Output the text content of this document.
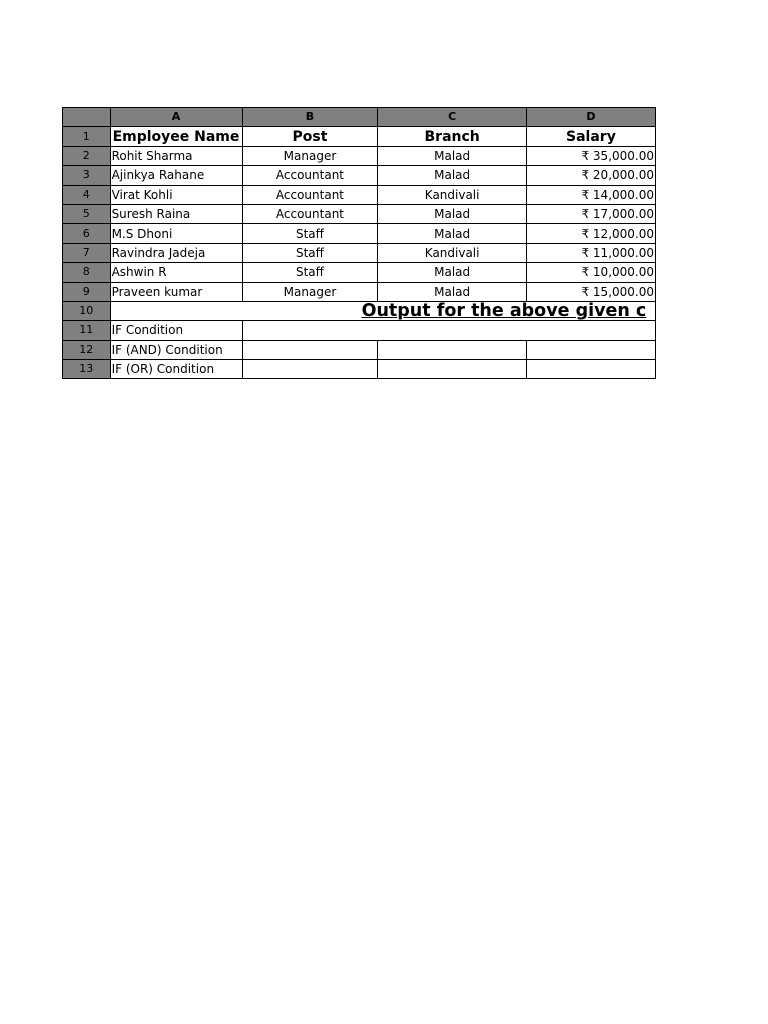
	A	B	C	D
1	Employee Name	Post	Branch	Salary
2	Rohit Sharma	Manager	Malad	₹ 35,000.00
3	Ajinkya Rahane	Accountant	Malad	₹ 20,000.00
4	Virat Kohli	Accountant	Kandivali	₹ 14,000.00
5	Suresh Raina	Accountant	Malad	₹ 17,000.00
6	M.S Dhoni	Staff	Malad	₹ 12,000.00
7	Ravindra Jadeja	Staff	Kandivali	₹ 11,000.00
8	Ashwin R	Staff	Malad	₹ 10,000.00
9	Praveen kumar	Manager	Malad	₹ 15,000.00
10	Output for the above given c			
11	IF Condition			
12	IF (AND) Condition			
13	IF (OR) Condition			
